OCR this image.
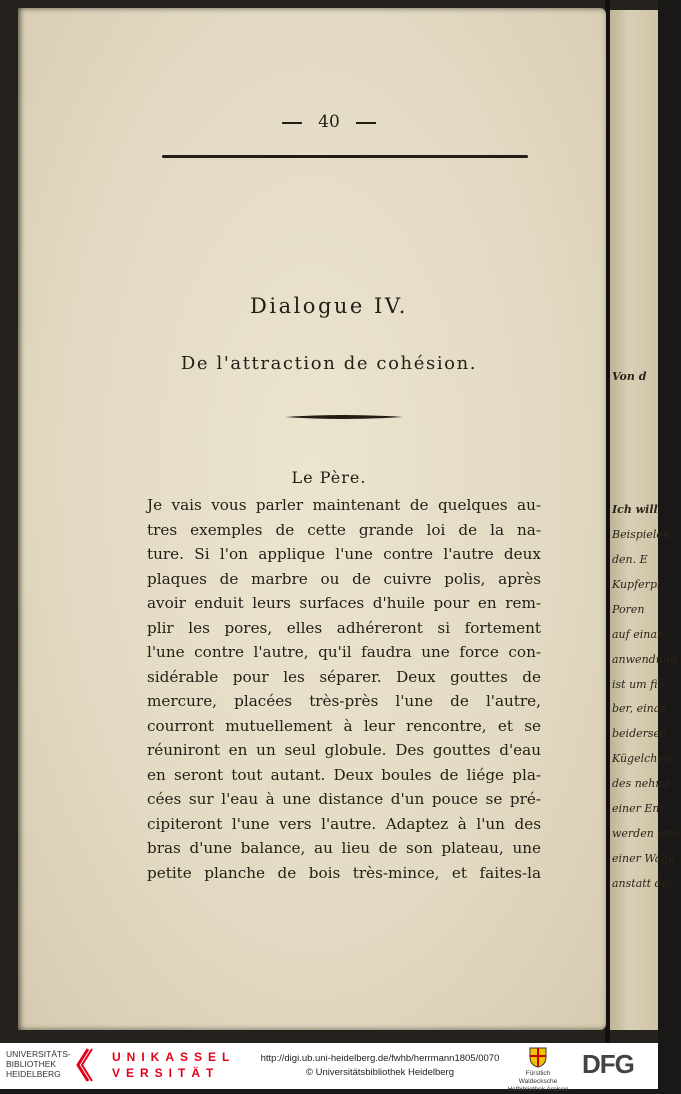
Von d
Ich will
Beispielen
den. E
Kupferpl
Poren
auf einan
anwendung
ist um fie
ber, einan
beiderseit
Kügelchen
des nehml
einer Ent
werden eine
einer Wage
anstatt der
40
Dialogue IV.
De l'attraction de cohésion.
Le Père.
Je vais vous parler maintenant de quelques au-
tres exemples de cette grande loi de la na-
ture. Si l'on applique l'une contre l'autre deux
plaques de marbre ou de cuivre polis, après
avoir enduit leurs surfaces d'huile pour en rem-
plir les pores, elles adhéreront si fortement
l'une contre l'autre, qu'il faudra une force con-
sidérable pour les séparer. Deux gouttes de
mercure, placées très-près l'une de l'autre,
courront mutuellement à leur rencontre, et se
réuniront en un seul globule. Des gouttes d'eau
en seront tout autant. Deux boules de liége pla-
cées sur l'eau à une distance d'un pouce se pré-
cipiteront l'une vers l'autre. Adaptez à l'un des
bras d'une balance, au lieu de son plateau, une
petite planche de bois très-mince, et faites-la
UNIVERSITÄTS-
BIBLIOTHEK
HEIDELBERG
UNIKASSEL
VERSITÄT
http://digi.ub.uni-heidelberg.de/fwhb/herrmann1805/0070
© Universitätsbibliothek Heidelberg	Fürstlich Waldecksche
Hofbibliothek Arolsen
DFG
